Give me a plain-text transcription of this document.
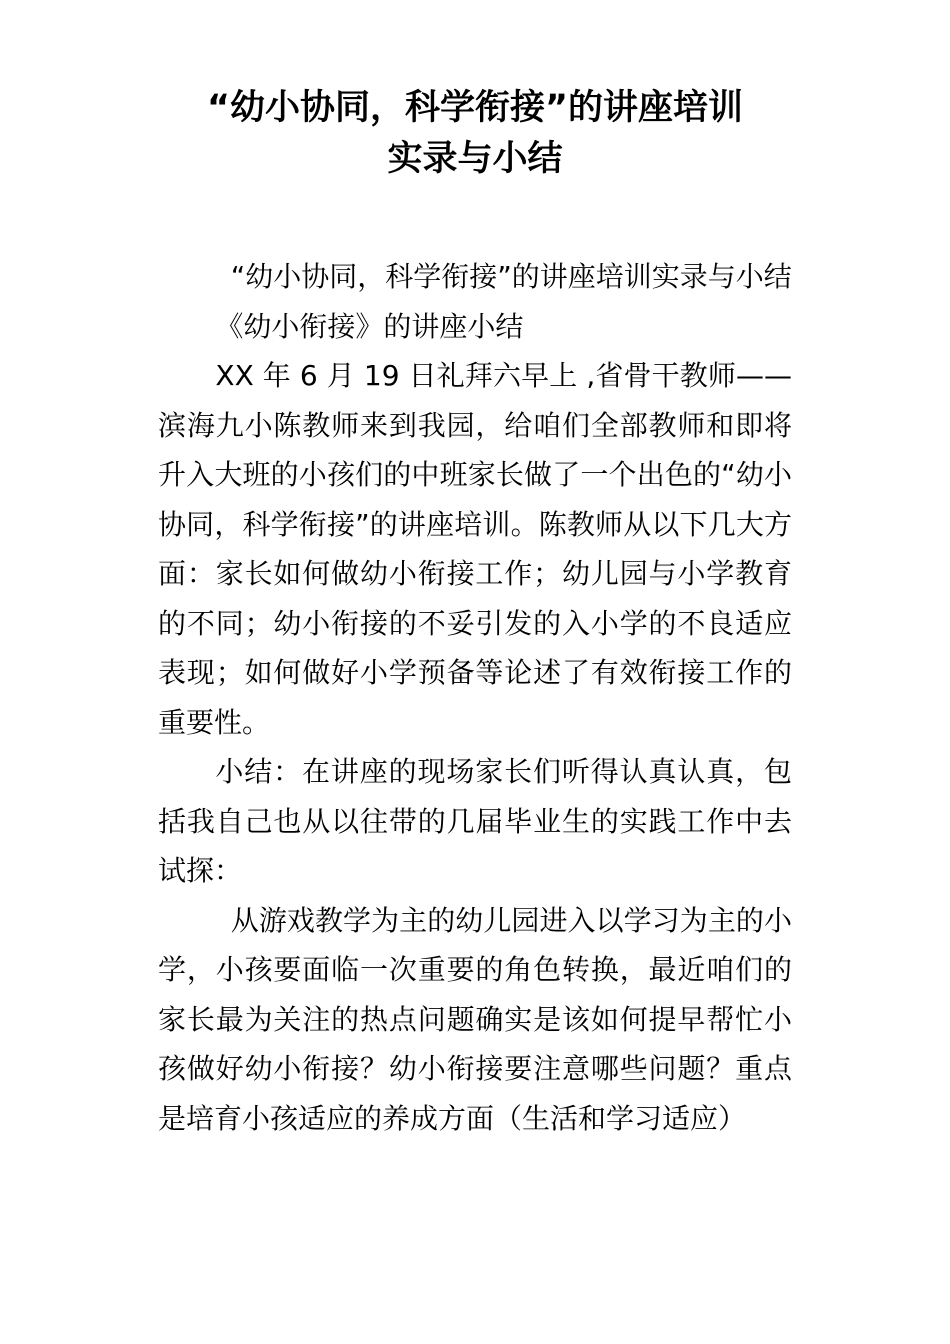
“幼小协同，科学衔接”的讲座培训
实录与小结

“幼小协同，科学衔接”的讲座培训实录与小结

《幼小衔接》的讲座小结

XX 年 6 月 19 日礼拜六早上 ,省骨干教师——滨海九小陈教师来到我园，给咱们全部教师和即将升入大班的小孩们的中班家长做了一个出色的“幼小协同，科学衔接”的讲座培训。陈教师从以下几大方面：家长如何做幼小衔接工作；幼儿园与小学教育的不同；幼小衔接的不妥引发的入小学的不良适应表现；如何做好小学预备等论述了有效衔接工作的重要性。

小结：在讲座的现场家长们听得认真认真，包括我自己也从以往带的几届毕业生的实践工作中去试探：

从游戏教学为主的幼儿园进入以学习为主的小学，小孩要面临一次重要的角色转换，最近咱们的家长最为关注的热点问题确实是该如何提早帮忙小孩做好幼小衔接？幼小衔接要注意哪些问题？重点是培育小孩适应的养成方面（生活和学习适应）
